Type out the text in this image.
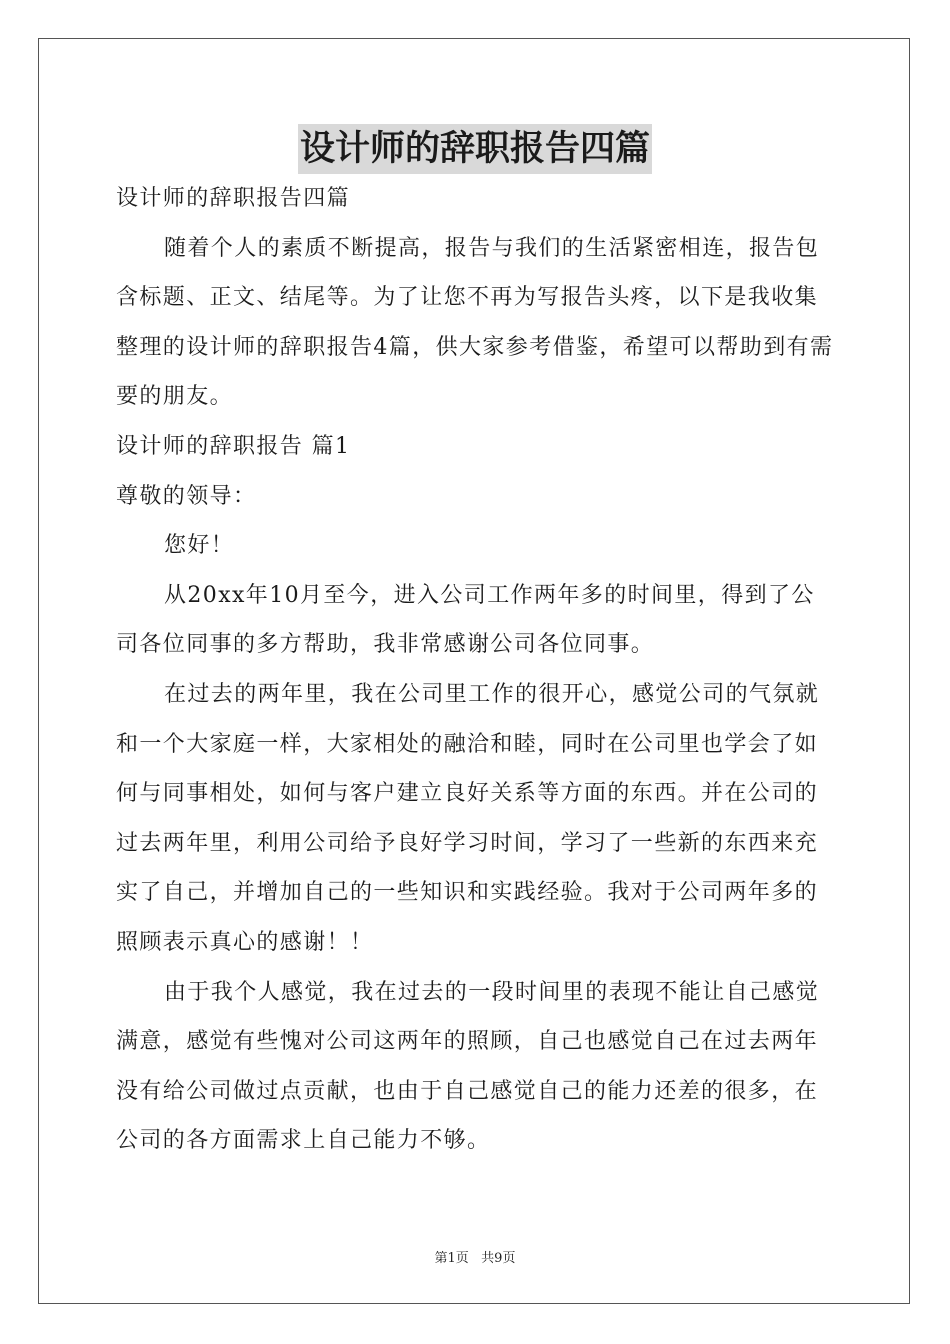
设计师的辞职报告四篇

设计师的辞职报告四篇

随着个人的素质不断提高，报告与我们的生活紧密相连，报告包含标题、正文、结尾等。为了让您不再为写报告头疼，以下是我收集整理的设计师的辞职报告4篇，供大家参考借鉴，希望可以帮助到有需要的朋友。

设计师的辞职报告 篇1

尊敬的领导：

您好！

从20xx年10月至今，进入公司工作两年多的时间里，得到了公司各位同事的多方帮助，我非常感谢公司各位同事。

在过去的两年里，我在公司里工作的很开心，感觉公司的气氛就和一个大家庭一样，大家相处的融洽和睦，同时在公司里也学会了如何与同事相处，如何与客户建立良好关系等方面的东西。并在公司的过去两年里，利用公司给予良好学习时间，学习了一些新的东西来充实了自己，并增加自己的一些知识和实践经验。我对于公司两年多的照顾表示真心的感谢！！

由于我个人感觉，我在过去的一段时间里的表现不能让自己感觉满意，感觉有些愧对公司这两年的照顾，自己也感觉自己在过去两年没有给公司做过点贡献，也由于自己感觉自己的能力还差的很多，在公司的各方面需求上自己能力不够。

第1页   共9页
